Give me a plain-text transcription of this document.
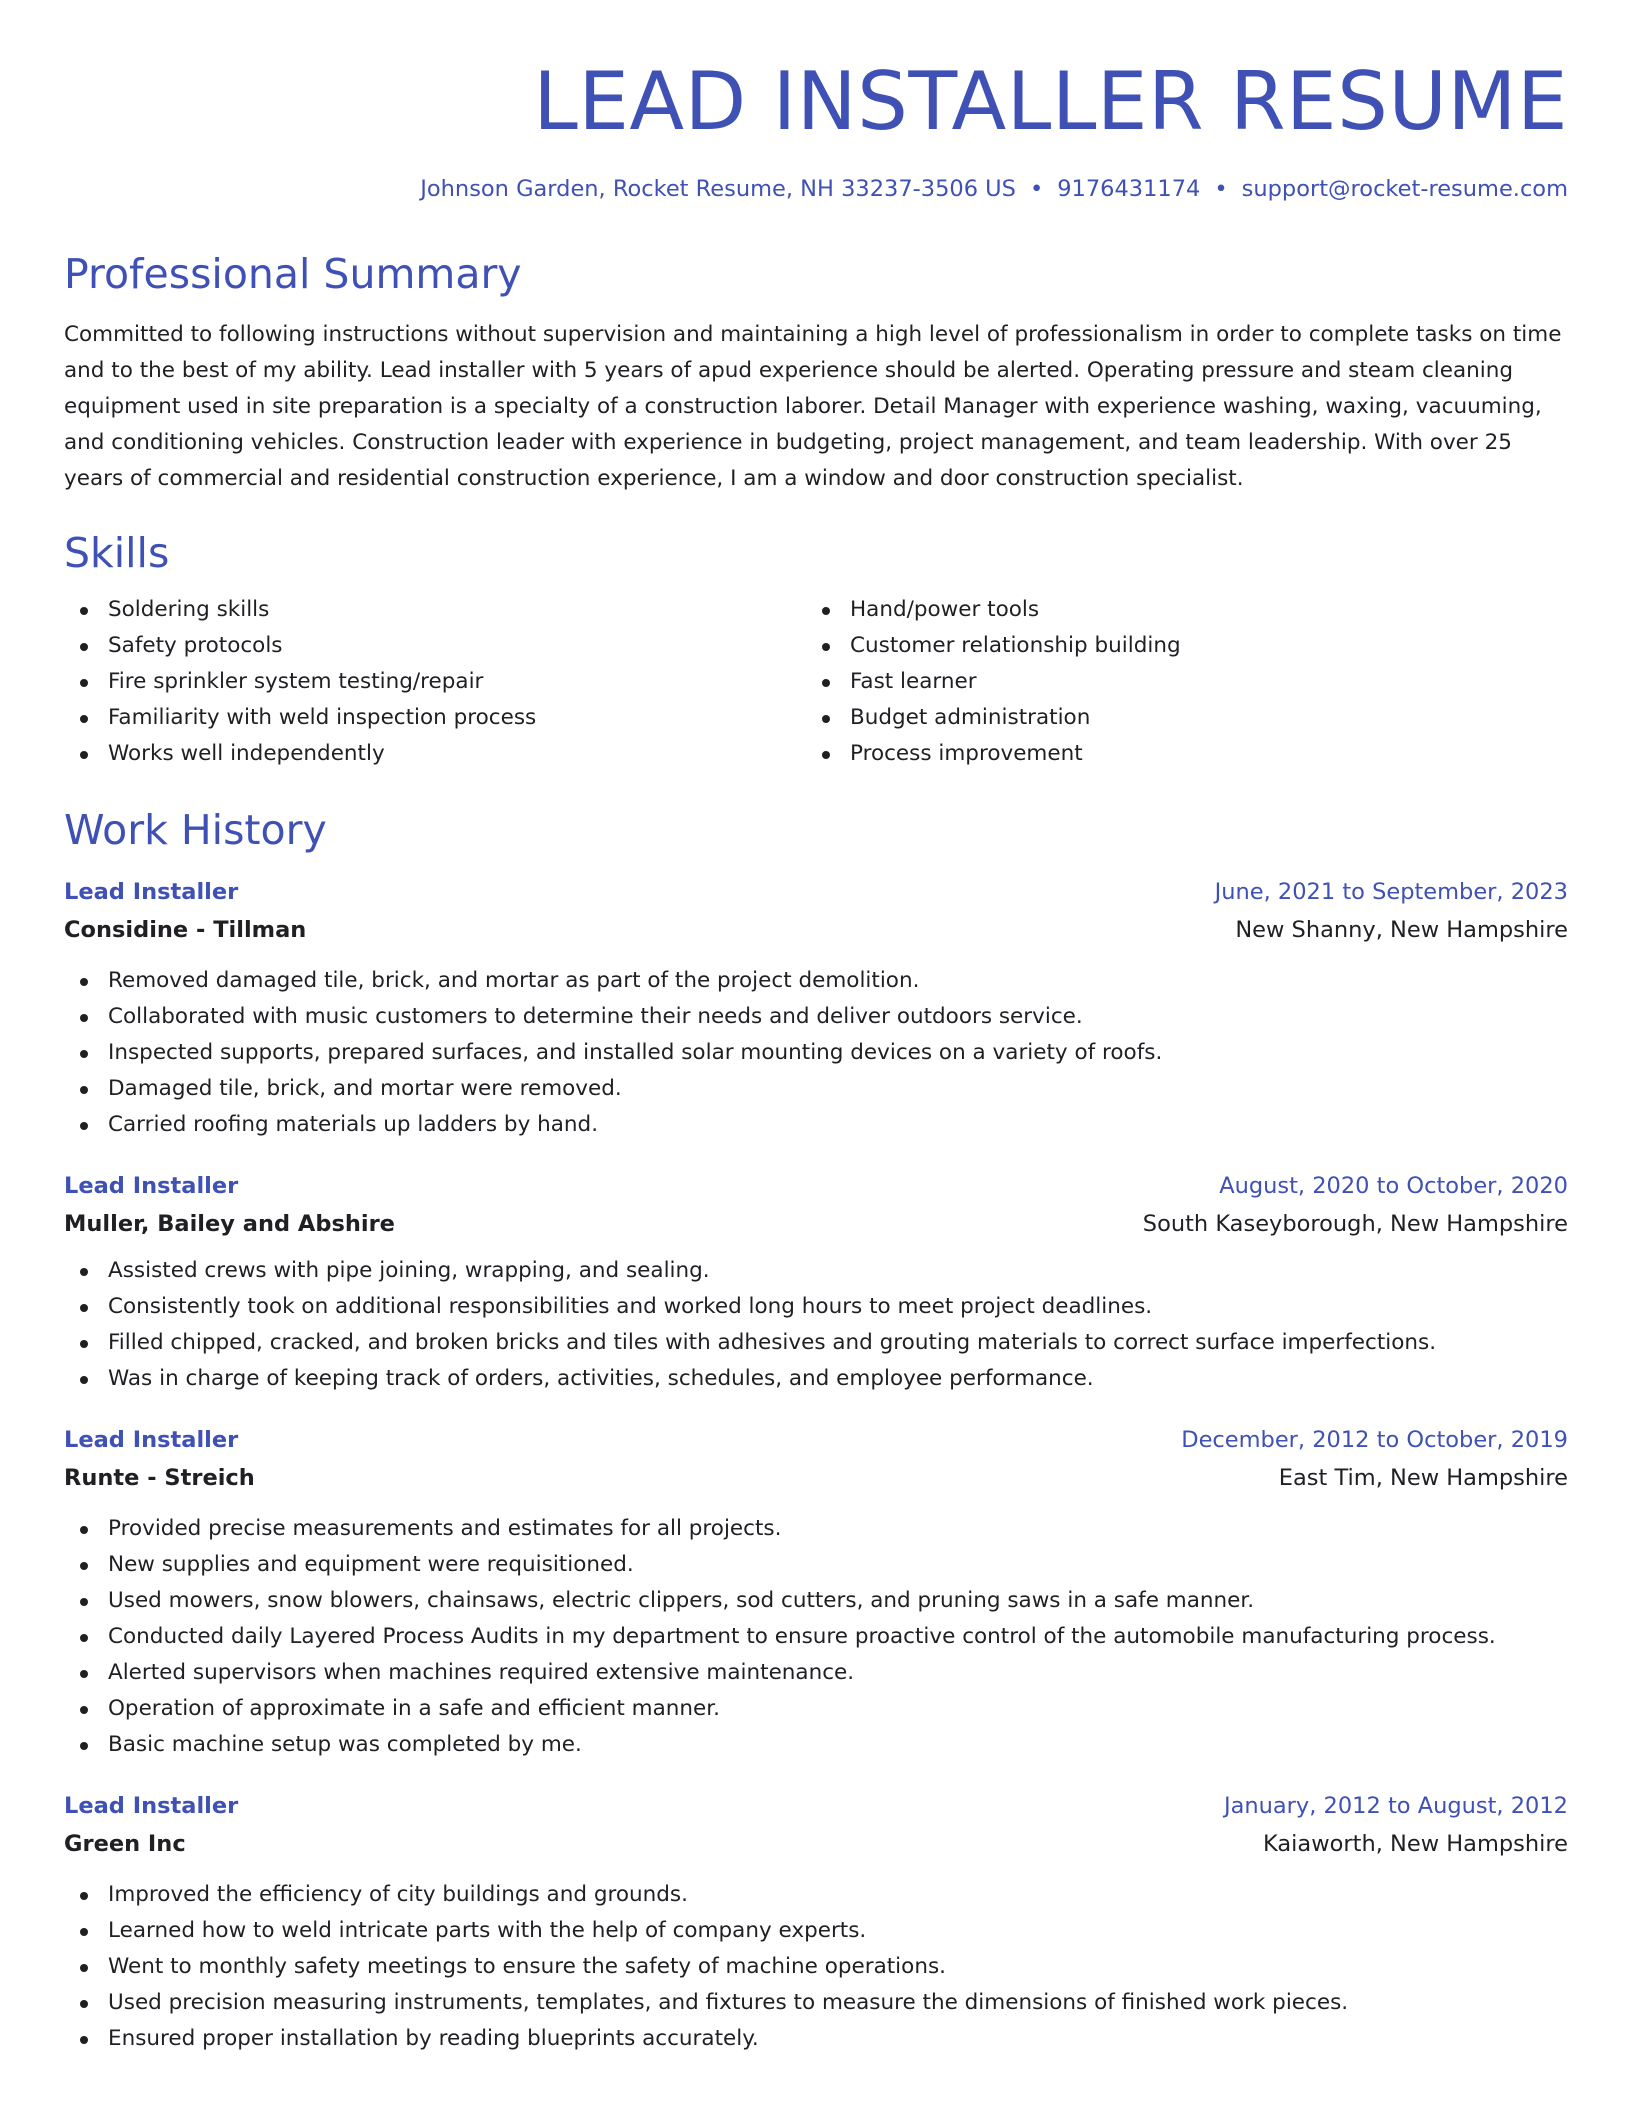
LEAD INSTALLER RESUME
Johnson Garden, Rocket Resume, NH 33237-3506 US • 9176431174 • support@rocket-resume.com
Professional Summary

Committed to following instructions without supervision and maintaining a high level of professionalism in order to complete tasks on time and to the best of my ability. Lead installer with 5 years of apud experience should be alerted. Operating pressure and steam cleaning equipment used in site preparation is a specialty of a construction laborer. Detail Manager with experience washing, waxing, vacuuming, and conditioning vehicles. Construction leader with experience in budgeting, project management, and team leadership. With over 25 years of commercial and residential construction experience, I am a window and door construction specialist.

Skills
Soldering skills
Safety protocols
Fire sprinkler system testing/repair
Familiarity with weld inspection process
Works well independently
Hand/power tools
Customer relationship building
Fast learner
Budget administration
Process improvement
Work History
Lead Installer	June, 2021 to September, 2023
Considine - Tillman	New Shanny, New Hampshire
Removed damaged tile, brick, and mortar as part of the project demolition.
Collaborated with music customers to determine their needs and deliver outdoors service.
Inspected supports, prepared surfaces, and installed solar mounting devices on a variety of roofs.
Damaged tile, brick, and mortar were removed.
Carried roofing materials up ladders by hand.
Lead Installer	August, 2020 to October, 2020
Muller, Bailey and Abshire	South Kaseyborough, New Hampshire
Assisted crews with pipe joining, wrapping, and sealing.
Consistently took on additional responsibilities and worked long hours to meet project deadlines.
Filled chipped, cracked, and broken bricks and tiles with adhesives and grouting materials to correct surface imperfections.
Was in charge of keeping track of orders, activities, schedules, and employee performance.
Lead Installer	December, 2012 to October, 2019
Runte - Streich	East Tim, New Hampshire
Provided precise measurements and estimates for all projects.
New supplies and equipment were requisitioned.
Used mowers, snow blowers, chainsaws, electric clippers, sod cutters, and pruning saws in a safe manner.
Conducted daily Layered Process Audits in my department to ensure proactive control of the automobile manufacturing process.
Alerted supervisors when machines required extensive maintenance.
Operation of approximate in a safe and efficient manner.
Basic machine setup was completed by me.
Lead Installer	January, 2012 to August, 2012
Green Inc	Kaiaworth, New Hampshire
Improved the efficiency of city buildings and grounds.
Learned how to weld intricate parts with the help of company experts.
Went to monthly safety meetings to ensure the safety of machine operations.
Used precision measuring instruments, templates, and fixtures to measure the dimensions of finished work pieces.
Ensured proper installation by reading blueprints accurately.
